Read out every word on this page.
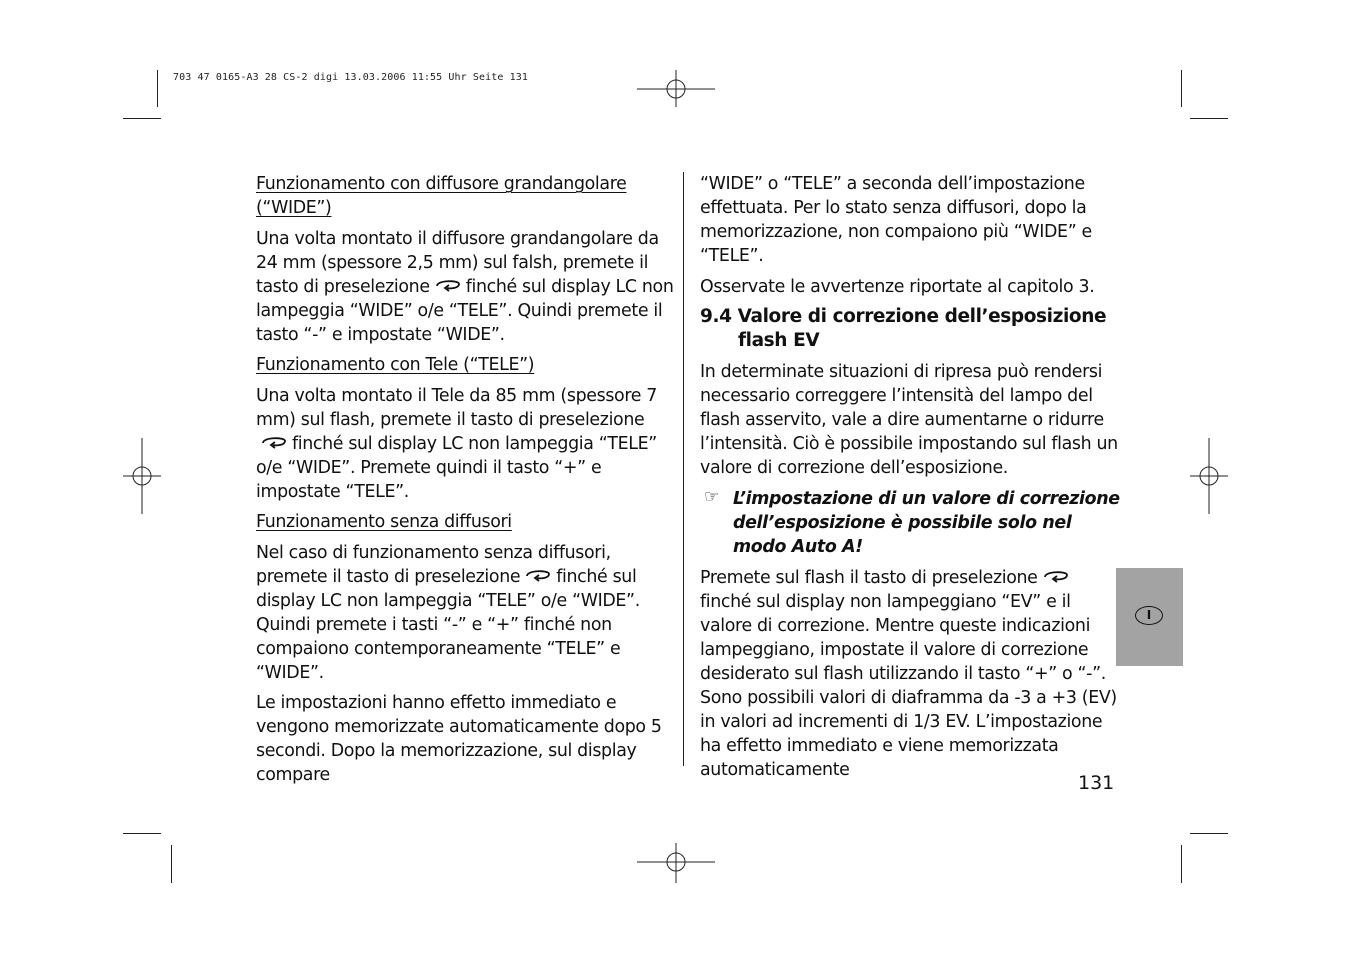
703 47 0165-A3 28 CS-2 digi 13.03.2006 11:55 Uhr Seite 131

Funzionamento con diffusore grandangolare (“WIDE”)

Una volta montato il diffusore grandangolare da 24 mm (spessore 2,5 mm) sul falsh, premete il tasto di preselezione finché sul display LC non lampeggia “WIDE” o/e “TELE”. Quindi premete il tasto “-” e impostate “WIDE”.

Funzionamento con Tele (“TELE”)

Una volta montato il Tele da 85 mm (spessore 7 mm) sul flash, premete il tasto di preselezione finché sul display LC non lampeggia “TELE” o/e “WIDE”. Premete quindi il tasto “+” e impostate “TELE”.

Funzionamento senza diffusori

Nel caso di funzionamento senza diffusori, premete il tasto di preselezione finché sul display LC non lampeggia “TELE” o/e “WIDE”. Quindi premete i tasti “-” e “+” finché non compaiono contemporaneamente “TELE” e “WIDE”.

Le impostazioni hanno effetto immediato e vengono memorizzate automaticamente dopo 5 secondi. Dopo la memorizzazione, sul display compare

“WIDE” o “TELE” a seconda dell’impostazione effettuata. Per lo stato senza diffusori, dopo la memorizzazione, non compaiono più “WIDE” e “TELE”.

Osservate le avvertenze riportate al capitolo 3.

9.4 Valore di correzione dell’esposizione
flash EV

In determinate situazioni di ripresa può rendersi necessario correggere l’intensità del lampo del flash asservito, vale a dire aumentarne o ridurre l’intensità. Ciò è possibile impostando sul flash un valore di correzione dell’esposizione.

☞ L’impostazione di un valore di correzione dell’esposizione è possibile solo nel modo Auto A!

Premete sul flash il tasto di preselezionefinché sul display non lampeggiano “EV” e il valore di correzione. Mentre queste indicazioni lampeggiano, impostate il valore di correzione desiderato sul flash utilizzando il tasto “+” o “-”. Sono possibili valori di diaframma da -3 a +3 (EV) in valori ad incrementi di 1/3 EV. L’impostazione ha effetto immediato e viene memorizzata automaticamente

131
I
